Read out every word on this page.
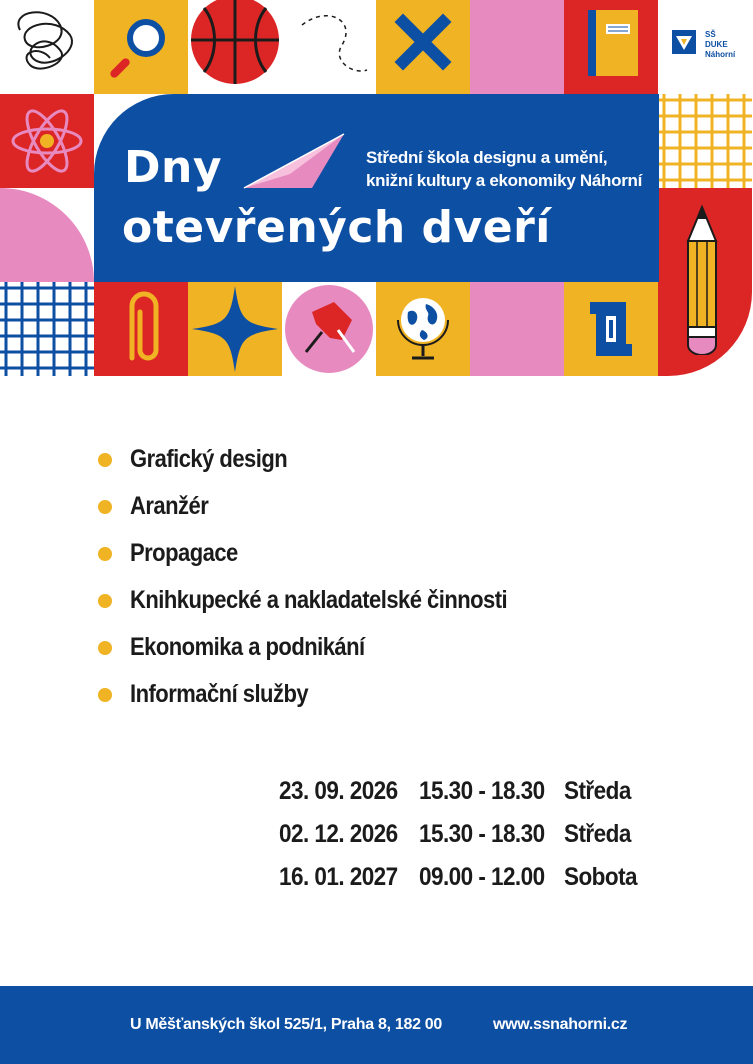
Dny
otevřených dveří
Střední škola designu a umění,
knižní kultury a ekonomiky Náhorní
SŠ
DUKE
Náhorní
Grafický design
Aranžér
Propagace
Knihkupecké a nakladatelské činnosti
Ekonomika a podnikání
Informační služby
23. 09. 2026 15.30 - 18.30 Středa
02. 12. 2026 15.30 - 18.30 Středa
16. 01. 2027 09.00 - 12.00 Sobota
U Měšťanských škol 525/1, Praha 8, 182 00	www.ssnahorni.cz
